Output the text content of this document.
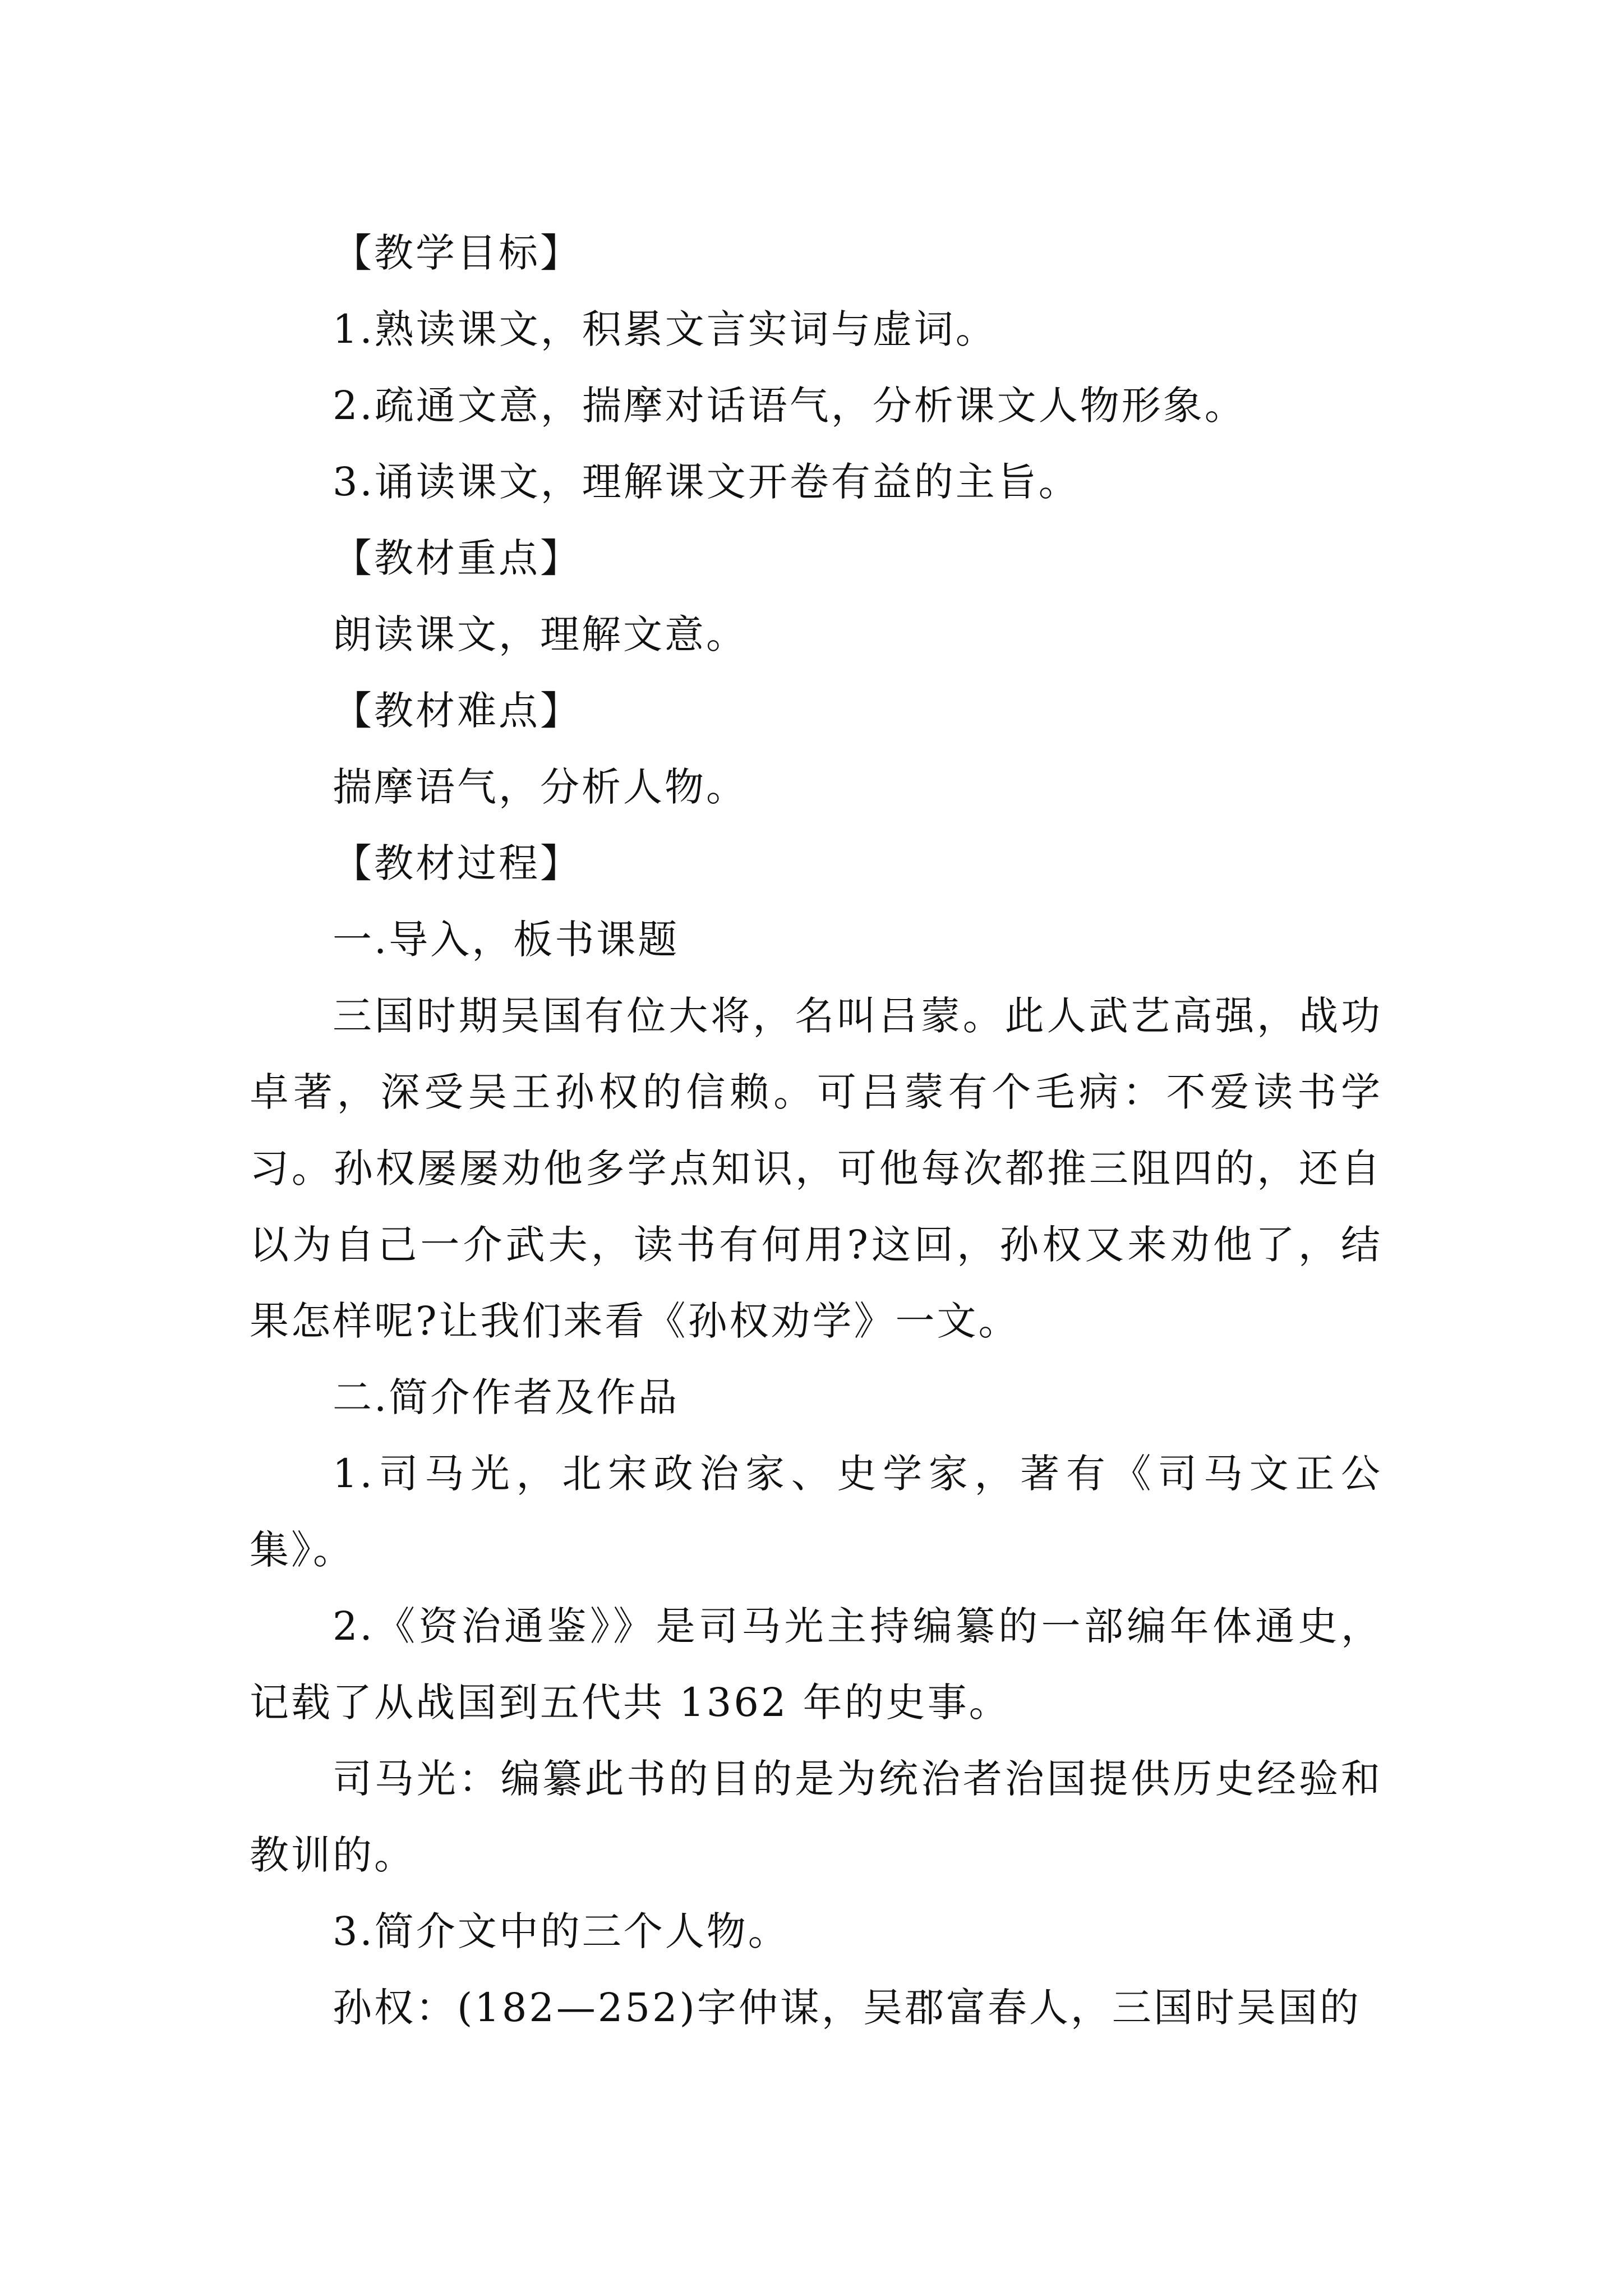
【教学目标】

1.熟读课文，积累文言实词与虚词。

2.疏通文意，揣摩对话语气，分析课文人物形象。

3.诵读课文，理解课文开卷有益的主旨。

【教材重点】

朗读课文，理解文意。

【教材难点】

揣摩语气，分析人物。

【教材过程】

一.导入，板书课题

三国时期吴国有位大将，名叫吕蒙。此人武艺高强，战功卓著，深受吴王孙权的信赖。可吕蒙有个毛病：不爱读书学习。孙权屡屡劝他多学点知识，可他每次都推三阻四的，还自以为自己一介武夫，读书有何用?这回，孙权又来劝他了，结果怎样呢?让我们来看《孙权劝学》一文。

二.简介作者及作品

1.司马光，北宋政治家、史学家，著有《司马文正公集》。

2.《资治通鉴》》是司马光主持编纂的一部编年体通史，记载了从战国到五代共 1362 年的史事。

司马光：编纂此书的目的是为统治者治国提供历史经验和教训的。

3.简介文中的三个人物。

孙权：(182—252)字仲谋，吴郡富春人，三国时吴国的
